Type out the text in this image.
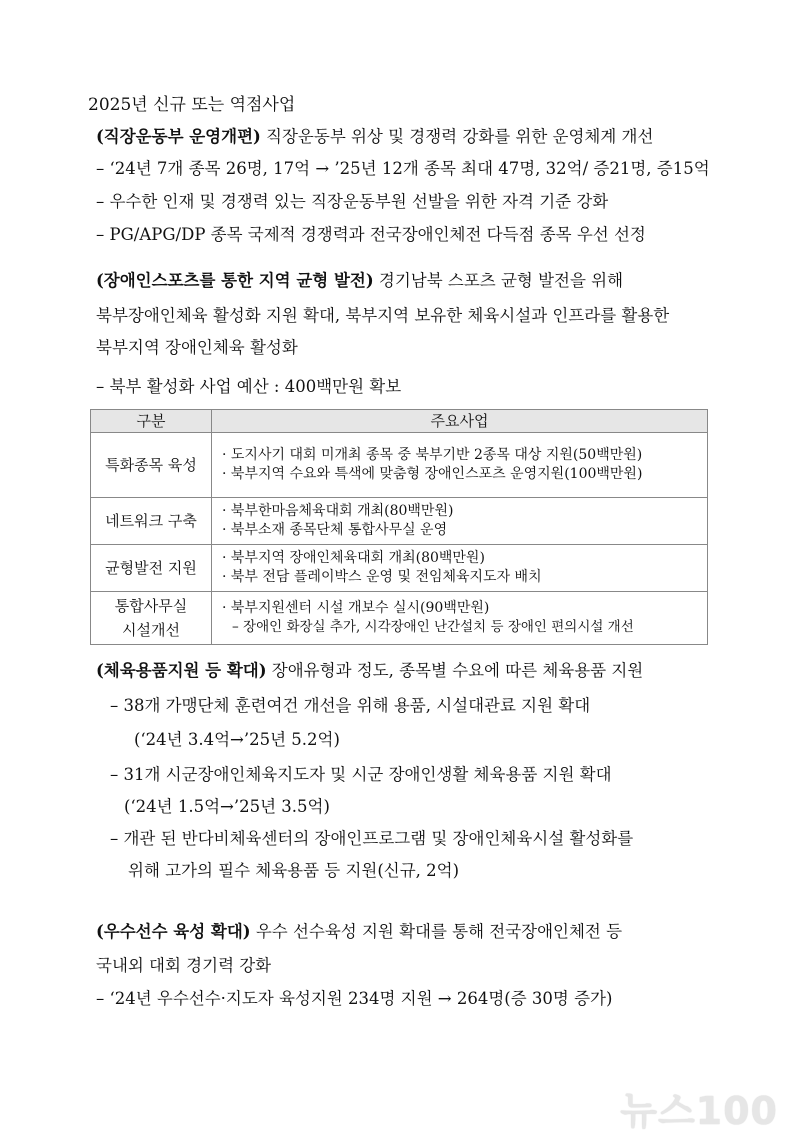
2025년 신규 또는 역점사업
(직장운동부 운영개편) 직장운동부 위상 및 경쟁력 강화를 위한 운영체계 개선
– ‘24년 7개 종목 26명, 17억 → ’25년 12개 종목 최대 47명, 32억/ 증21명, 증15억
– 우수한 인재 및 경쟁력 있는 직장운동부원 선발을 위한 자격 기준 강화
– PG/APG/DP 종목 국제적 경쟁력과 전국장애인체전 다득점 종목 우선 선정
(장애인스포츠를 통한 지역 균형 발전) 경기남북 스포츠 균형 발전을 위해
북부장애인체육 활성화 지원 확대, 북부지역 보유한 체육시설과 인프라를 활용한
북부지역 장애인체육 활성화
– 북부 활성화 사업 예산 : 400백만원 확보
구분	주요사업
특화종목 육성	· 도지사기 대회 미개최 종목 중 북부기반 2종목 대상 지원(50백만원)
· 북부지역 수요와 특색에 맞춤형 장애인스포츠 운영지원(100백만원)

네트워크 구축	· 북부한마음체육대회 개최(80백만원)
· 북부소재 종목단체 통합사무실 운영

균형발전 지원	· 북부지역 장애인체육대회 개최(80백만원)
· 북부 전담 플레이박스 운영 및 전임체육지도자 배치

통합사무실
시설개선	· 북부지원센터 시설 개보수 실시(90백만원)
– 장애인 화장실 추가, 시각장애인 난간설치 등 장애인 편의시설 개선
(체육용품지원 등 확대) 장애유형과 정도, 종목별 수요에 따른 체육용품 지원
– 38개 가맹단체 훈련여건 개선을 위해 용품, 시설대관료 지원 확대
(‘24년 3.4억→’25년 5.2억)
– 31개 시군장애인체육지도자 및 시군 장애인생활 체육용품 지원 확대
(‘24년 1.5억→’25년 3.5억)
– 개관 된 반다비체육센터의 장애인프로그램 및 장애인체육시설 활성화를
위해 고가의 필수 체육용품 등 지원(신규, 2억)
(우수선수 육성 확대) 우수 선수육성 지원 확대를 통해 전국장애인체전 등
국내외 대회 경기력 강화
– ‘24년 우수선수·지도자 육성지원 234명 지원 → 264명(증 30명 증가)
뉴스100
